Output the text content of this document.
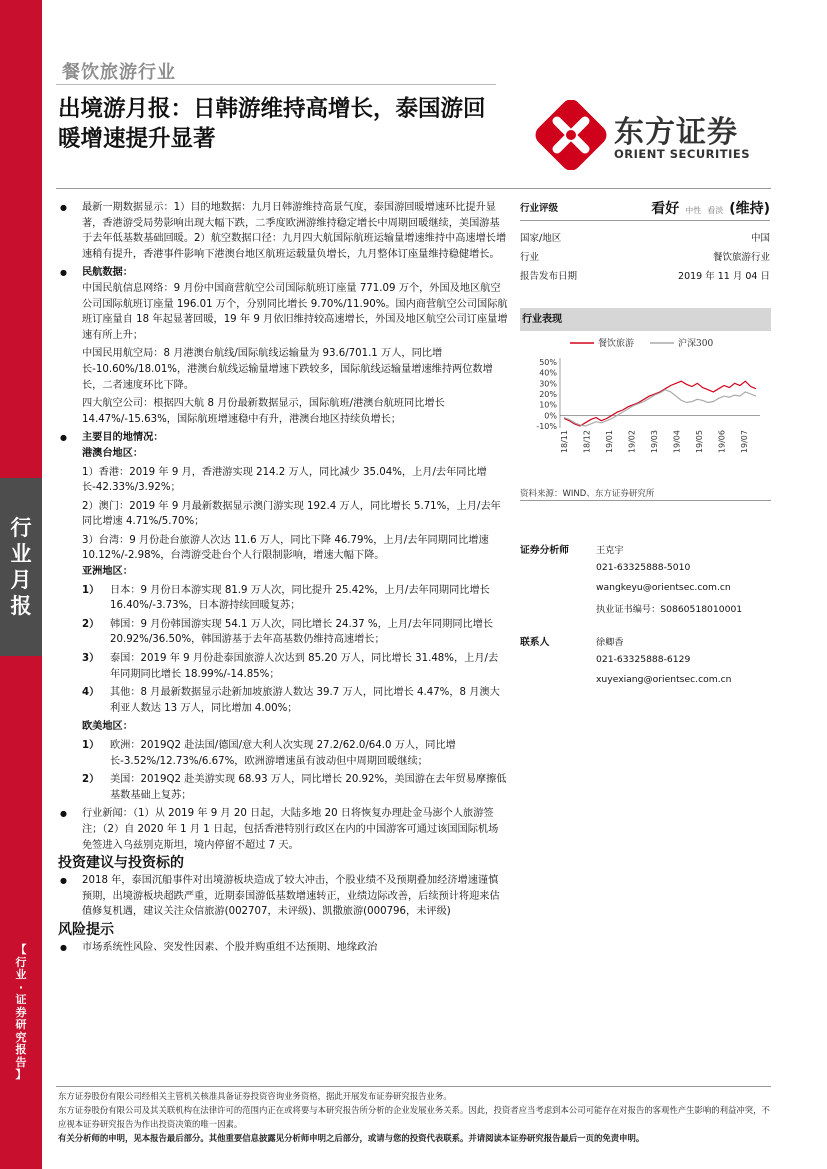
行
业
月
报
【
行
业
·
证
券
研
究
报
告
】
餐饮旅游行业
出境游月报：日韩游维持高增长，泰国游回暖增速提升显著	东方证券
ORIENT SECURITIES
行业评级	看好 中性 看淡 (维持)
国家/地区	中国
行业	餐饮旅游行业
报告发布日期	2019 年 11 月 04 日
行业表现
餐饮旅游	沪深300
50%
40%
30%
20%
10%
0%
-10%
18/11 18/12 19/01 19/02 19/03 19/04 19/05 19/06 19/07
资料来源：WIND、东方证券研究所
证券分析师	王克宇
021-63325888-5010
wangkeyu@orientsec.com.cn
执业证书编号：S0860518010001
联系人	徐卿香
021-63325888-6129
xuyexiang@orientsec.com.cn

● 最新一期数据显示：1）目的地数据：九月日韩游维持高景气度，泰国游回暖增速环比提升显著，香港游受局势影响出现大幅下跌，二季度欧洲游维持稳定增长中周期回暖继续，美国游基于去年低基数基础回暖。2）航空数据口径：九月四大航国际航班运输量增速维持中高速增长增速稍有提升，香港事件影响下港澳台地区航班运载量负增长，九月整体订座量维持稳健增长。

● 民航数据：

中国民航信息网络：9 月份中国商营航空公司国际航班订座量 771.09 万个，外国及地区航空公司国际航班订座量 196.01 万个，分别同比增长 9.70%/11.90%。国内商营航空公司国际航班订座量自 18 年起显著回暖，19 年 9 月依旧维持较高速增长，外国及地区航空公司订座量增速有所上升；

中国民用航空局：8 月港澳台航线/国际航线运输量为 93.6/701.1 万人，同比增长-10.60%/18.01%，港澳台航线运输量增速下跌较多，国际航线运输量增速维持两位数增长，二者速度环比下降。

四大航空公司：根据四大航 8 月份最新数据显示，国际航班/港澳台航班同比增长 14.47%/-15.63%，国际航班增速稳中有升，港澳台地区持续负增长；

● 主要目的地情况：

港澳台地区：

1）香港：2019 年 9 月，香港游实现 214.2 万人，同比减少 35.04%，上月/去年同比增长-42.33%/3.92%；

2）澳门：2019 年 9 月最新数据显示澳门游实现 192.4 万人，同比增长 5.71%，上月/去年同比增速 4.71%/5.70%；

3）台湾：9 月份赴台旅游人次达 11.6 万人，同比下降 46.79%，上月/去年同期同比增速 10.12%/-2.98%，台湾游受赴台个人行限制影响，增速大幅下降。

亚洲地区：

1）	日本：9 月份日本游实现 81.9 万人次，同比提升 25.42%，上月/去年同期同比增长 16.40%/-3.73%，日本游持续回暖复苏；

2）	韩国：9 月份韩国游实现 54.1 万人次，同比增长 24.37 %，上月/去年同期同比增长 20.92%/36.50%，韩国游基于去年高基数仍维持高速增长；

3）	泰国：2019 年 9 月份赴泰国旅游人次达到 85.20 万人，同比增长 31.48%，上月/去年同期同比增长 18.99%/-14.85%；

4）	其他：8 月最新数据显示赴新加坡旅游人数达 39.7 万人，同比增长 4.47%，8 月澳大利亚人数达 13 万人，同比增加 4.00%；

欧美地区：

1）	欧洲：2019Q2 赴法国/德国/意大利人次实现 27.2/62.0/64.0 万人，同比增长-3.52%/12.73%/6.67%，欧洲游增速虽有波动但中周期回暖继续；

2）	美国：2019Q2 赴美游实现 68.93 万人，同比增长 20.92%，美国游在去年贸易摩擦低基数基础上复苏；

● 行业新闻：（1）从 2019 年 9 月 20 日起，大陆多地 20 日将恢复办理赴金马澎个人旅游签注；（2）自 2020 年 1 月 1 日起，包括香港特别行政区在内的中国游客可通过该国国际机场免签进入乌兹别克斯坦，境内停留不超过 7 天。

投资建议与投资标的

● 2018 年，泰国沉船事件对出境游板块造成了较大冲击，个股业绩不及预期叠加经济增速谨慎预期，出境游板块超跌严重，近期泰国游低基数增速转正，业绩边际改善，后续预计将迎来估值修复机遇，建议关注众信旅游(002707，未评级)、凯撒旅游(000796，未评级)

风险提示

● 市场系统性风险、突发性因素、个股并购重组不达预期、地缘政治

东方证券股份有限公司经相关主管机关核准具备证券投资咨询业务资格，据此开展发布证券研究报告业务。
东方证券股份有限公司及其关联机构在法律许可的范围内正在或将要与本研究报告所分析的企业发展业务关系。因此，投资者应当考虑到本公司可能存在对报告的客观性产生影响的利益冲突，不应视本证券研究报告为作出投资决策的唯一因素。
有关分析师的申明，见本报告最后部分。其他重要信息披露见分析师申明之后部分，或请与您的投资代表联系。并请阅读本证券研究报告最后一页的免责申明。
